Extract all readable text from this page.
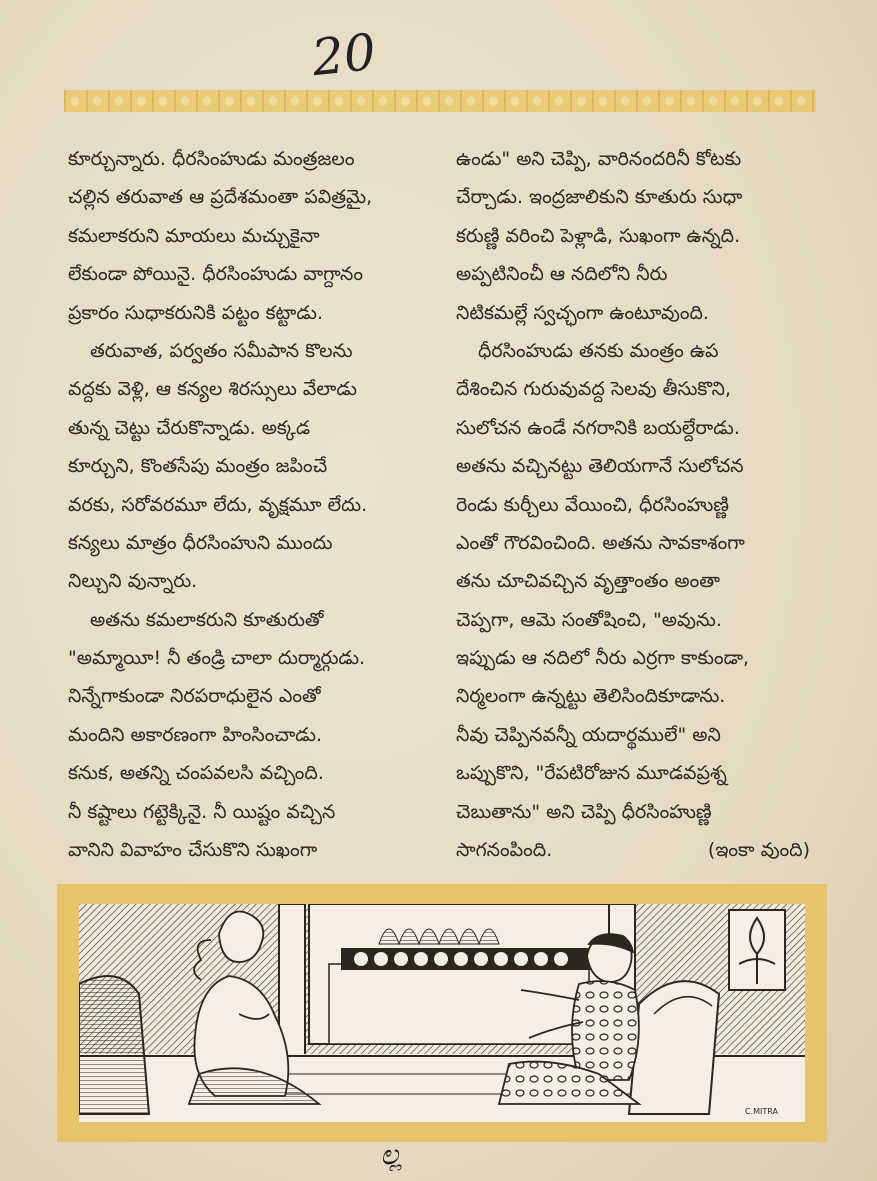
20
కూర్చున్నారు. ధీరసింహుడు మంత్రజలం
చల్లిన తరువాత ఆ ప్రదేశమంతా పవిత్రమై,
కమలాకరుని మాయలు మచ్చుకైనా
లేకుండా పోయినై. ధీరసింహుడు వాగ్దానం
ప్రకారం సుధాకరునికి పట్టం కట్టాడు.
తరువాత, పర్వతం సమీపాన కొలను
వద్దకు వెళ్లి, ఆ కన్యల శిరస్సులు వేలాడు
తున్న చెట్టు చేరుకొన్నాడు. అక్కడ
కూర్చుని, కొంతసేపు మంత్రం జపించే
వరకు, సరోవరమూ లేదు, వృక్షమూ లేదు.
కన్యలు మాత్రం ధీరసింహుని ముందు
నిల్చుని వున్నారు.
అతను కమలాకరుని కూతురుతో
"అమ్మాయీ! నీ తండ్రి చాలా దుర్మార్గుడు.
నిన్నేగాకుండా నిరపరాధులైన ఎంతో
మందిని అకారణంగా హింసించాడు.
కనుక, అతన్ని చంపవలసి వచ్చింది.
నీ కష్టాలు గట్టెక్కినై. నీ యిష్టం వచ్చిన
వానిని వివాహం చేసుకొని సుఖంగా
ఉండు" అని చెప్పి, వారినందరినీ కోటకు
చేర్చాడు. ఇంద్రజాలికుని కూతురు సుధా
కరుణ్ణి వరించి పెళ్లాడి, సుఖంగా ఉన్నది.
అప్పటినించీ ఆ నదిలోని నీరు
నిటికమల్లే స్వచ్ఛంగా ఉంటూవుంది.
ధీరసింహుడు తనకు మంత్రం ఉప
దేశించిన గురువువద్ద సెలవు తీసుకొని,
సులోచన ఉండే నగరానికి బయల్దేరాడు.
అతను వచ్చినట్టు తెలియగానే సులోచన
రెండు కుర్చీలు వేయించి, ధీరసింహుణ్ణి
ఎంతో గౌరవించింది. అతను సావకాశంగా
తను చూచివచ్చిన వృత్తాంతం అంతా
చెప్పగా, ఆమె సంతోషించి, "అవును.
ఇప్పుడు ఆ నదిలో నీరు ఎర్రగా కాకుండా,
నిర్మలంగా ఉన్నట్టు తెలిసిందికూడాను.
నీవు చెప్పినవన్నీ యదార్థములే" అని
ఒప్పుకొని, "రేపటిరోజున మూడవప్రశ్న
చెబుతాను" అని చెప్పి ధీరసింహుణ్ణి
సాగనంపింది.	(ఇంకా వుంది)
C.MITRA
ಲ್ಲ
